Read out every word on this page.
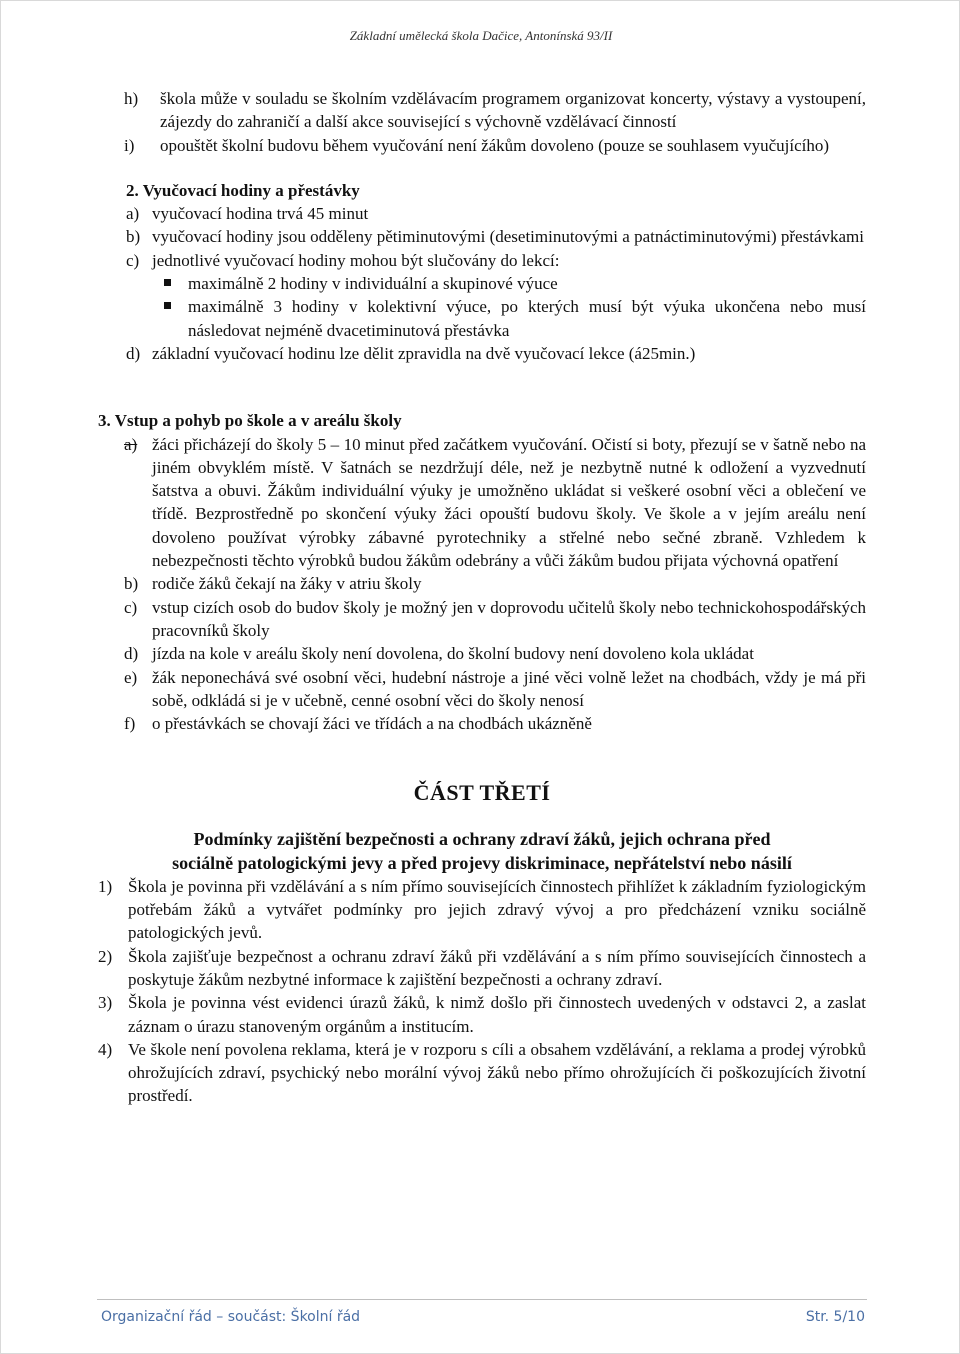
Základní umělecká škola Dačice, Antonínská 93/II
h)	škola může v souladu se školním vzdělávacím programem organizovat koncerty, výstavy a vystoupení, zájezdy do zahraničí a další akce související s výchovně vzdělávací činností
i)	opouštět školní budovu během vyučování není žákům dovoleno (pouze se souhlasem vyučujícího)
2. Vyučovací hodiny a přestávky
a) vyučovací hodina trvá 45 minut
b) vyučovací hodiny jsou odděleny pětiminutovými (desetiminutovými a patnáctiminutovými) přestávkami
c) jednotlivé vyučovací hodiny mohou být slučovány do lekcí:
maximálně 2 hodiny v individuální a skupinové výuce
maximálně 3 hodiny v kolektivní výuce, po kterých musí být výuka ukončena nebo musí následovat nejméně dvacetiminutová přestávka
d) základní vyučovací hodinu lze dělit zpravidla na dvě vyučovací lekce (á25min.)
3. Vstup a pohyb po škole a v areálu školy
a) žáci přicházejí do školy 5 – 10 minut před začátkem vyučování. Očistí si boty, přezují se v šatně nebo na jiném obvyklém místě. V šatnách se nezdržují déle, než je nezbytně nutné k odložení a vyzvednutí šatstva a obuvi. Žákům individuální výuky je umožněno ukládat si veškeré osobní věci a oblečení ve třídě. Bezprostředně po skončení výuky žáci opouští budovu školy. Ve škole a v jejím areálu není dovoleno používat výrobky zábavné pyrotechniky a střelné nebo sečné zbraně. Vzhledem k nebezpečnosti těchto výrobků budou žákům odebrány a vůči žákům budou přijata výchovná opatření
b) rodiče žáků čekají na žáky v atriu školy
c) vstup cizích osob do budov školy je možný jen v doprovodu učitelů školy nebo technickohospodářských pracovníků školy
d) jízda na kole v areálu školy není dovolena, do školní budovy není dovoleno kola ukládat
e) žák neponechává své osobní věci, hudební nástroje a jiné věci volně ležet na chodbách, vždy je má při sobě, odkládá si je v učebně, cenné osobní věci do školy nenosí
f) o přestávkách se chovají žáci ve třídách a na chodbách ukázněně
ČÁST TŘETÍ
Podmínky zajištění bezpečnosti a ochrany zdraví žáků, jejich ochrana před
sociálně patologickými jevy a před projevy diskriminace, nepřátelství nebo násilí
1) Škola je povinna při vzdělávání a s ním přímo souvisejících činnostech přihlížet k základním fyziologickým potřebám žáků a vytvářet podmínky pro jejich zdravý vývoj a pro předcházení vzniku sociálně patologických jevů.
2) Škola zajišťuje bezpečnost a ochranu zdraví žáků při vzdělávání a s ním přímo souvisejících činnostech a poskytuje žákům nezbytné informace k zajištění bezpečnosti a ochrany zdraví.
3) Škola je povinna vést evidenci úrazů žáků, k nimž došlo při činnostech uvedených v odstavci 2, a zaslat záznam o úrazu stanoveným orgánům a institucím.
4) Ve škole není povolena reklama, která je v rozporu s cíli a obsahem vzdělávání, a reklama a prodej výrobků ohrožujících zdraví, psychický nebo morální vývoj žáků nebo přímo ohrožujících či poškozujících životní prostředí.
Organizační řád – součást: Školní řád	Str. 5/10
